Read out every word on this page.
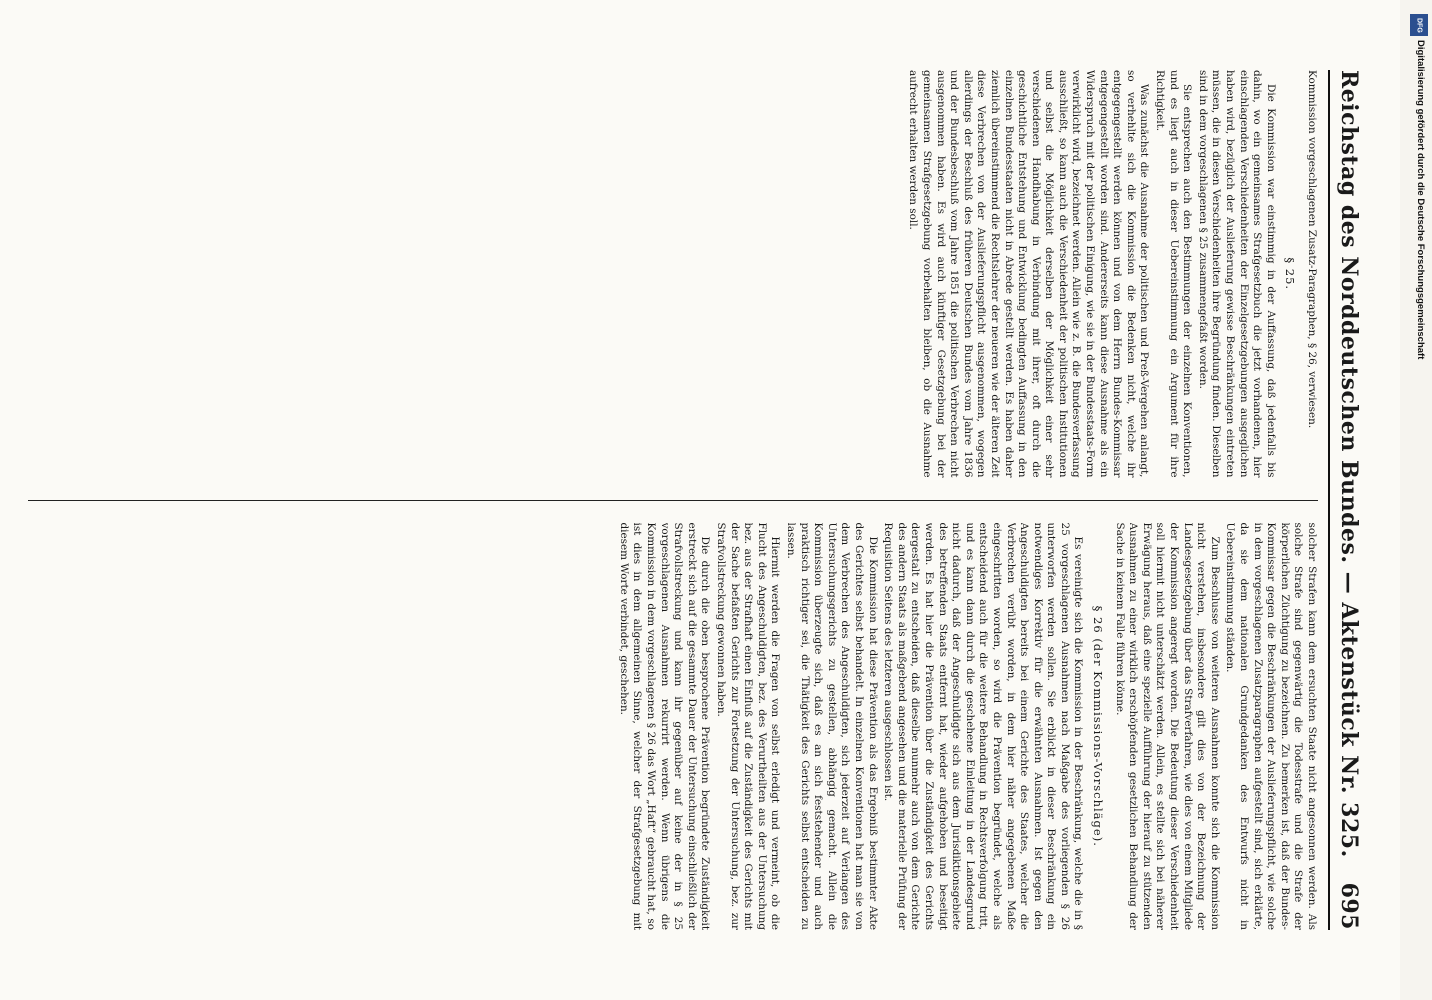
Reichstag des Norddeutschen Bundes. — Aktenstück Nr. 325.
695

Kommission vorgeschlagenen Zusatz-Paragraphen, § 26, verwiesen.

§ 25.

Die Kommission war einstimmig in der Auffassung, daß jedenfalls bis dahin, wo ein gemeinsames Strafgesetzbuch die jetzt vorhandenen, hier einschlagenden Verschiedenheiten der Einzelgesetzgebungen ausgeglichen haben wird, bezüglich der Auslieferung gewisse Beschränkungen eintreten müssen, die in diesen Verschiedenheiten ihre Begründung finden. Dieselben sind in dem vorgeschlagenen § 25 zusammengefaßt worden.

Sie entsprechen auch den Bestimmungen der einzelnen Konventionen, und es liegt auch in dieser Uebereinstimmung ein Argument für ihre Richtigkeit.

Was zunächst die Ausnahme der politischen und Preß-Vergehen anlangt, so verhehlte sich die Kommission die Bedenken nicht, welche ihr entgegengestellt werden können und von dem Herrn Bundes-Kommissar entgegengestellt worden sind. Andererseits kann diese Ausnahme als ein Widerspruch mit der politischen Einigung, wie sie in der Bundesstaats-Form verwirklicht wird, bezeichnet werden. Allein wie z. B. die Bundesverfassung ausschließt, so kann auch die Verschiedenheit der politischen Institutionen und selbst die Möglichkeit derselben der Möglichkeit einer sehr verschiedenen Handhabung in Verbindung mit ihrer, oft durch die geschichtliche Entstehung und Entwicklung bedingten Auffassung in den einzelnen Bundesstaaten nicht in Abrede gestellt werden. Es haben daher ziemlich übereinstimmend die Rechtslehrer der neueren wie der älteren Zeit diese Verbrechen von der Auslieferungspflicht ausgenommen, wogegen allerdings der Beschluß des früheren Deutschen Bundes vom Jahre 1836 und der Bundesbeschluß vom Jahre 1851 die politischen Verbrechen nicht ausgenommen haben. Es wird auch künftiger Gesetzgebung bei der gemeinsamen Strafgesetzgebung vorbehalten bleiben, ob die Ausnahme aufrecht erhalten werden soll.

solcher Strafen kann dem ersuchten Staate nicht angesonnen werden. Als solche Strafe sind gegenwärtig die Todesstrafe und die Strafe der körperlichen Züchtigung zu bezeichnen. Zu bemerken ist, daß der Bundes-Kommissar gegen die Beschränkungen der Auslieferungspflicht, wie solche in dem vorgeschlagenen Zusatzparagraphen aufgestellt sind, sich erklärte, da sie dem nationalen Grundgedanken des Entwurfs nicht in Uebereinstimmung ständen.

Zum Beschlusse von weiteren Ausnahmen konnte sich die Kommission nicht verstehen, insbesondere gilt dies von der Bezeichnung der Landesgesetzgebung über das Strafverfahren, wie dies von einem Mitgliede der Kommission angeregt worden. Die Bedeutung dieser Verschiedenheit soll hiermit nicht unterschätzt werden. Allein, es stellte sich bei näherer Erwägung heraus, daß eine spezielle Aufführung der hierauf zu stützenden Ausnahmen zu einer wirklich erschöpfenden gesetzlichen Behandlung der Sache in keinem Falle führen könne.

§ 26 (der Kommissions-Vorschläge).

Es vereinigte sich die Kommission in der Beschränkung, welche die in § 25 vorgeschlagenen Ausnahmen nach Maßgabe des vorliegenden § 26 unterworfen werden sollen. Sie erblickt in dieser Beschränkung ein notwendiges Korrektiv für die erwähnten Ausnahmen. Ist gegen den Angeschuldigten bereits bei einem Gerichte des Staates, welcher die Verbrechen verübt worden, in dem hier näher angegebenen Maße eingeschritten worden, so wird die Prävention begründet, welche als entscheidend auch für die weitere Behandlung in Rechtsverfolgung tritt, und es kann dann durch die geschehene Einleitung in der Landesgrund nicht dadurch, daß der Angeschuldigte sich aus dem Jurisdiktionsgebiete des betreffenden Staats entfernt hat, wieder aufgehoben und beseitigt werden. Es hat hier die Prävention über die Zuständigkeit des Gerichts dergestalt zu entscheiden, daß dieselbe nunmehr auch von dem Gerichte des andern Staats als maßgebend angesehen und die materielle Prüfung der Requisition Seitens des letzteren ausgeschlossen ist.

Die Kommission hat diese Prävention als das Ergebniß bestimmter Akte des Gerichtes selbst behandelt. In einzelnen Konventionen hat man sie von dem Verbrechen des Angeschuldigten, sich jederzeit auf Verlangen des Untersuchungsgerichts zu gestellen, abhängig gemacht. Allein die Kommission überzeugte sich, daß es an sich feststehender und auch praktisch richtiger sei, die Thätigkeit des Gerichts selbst entscheiden zu lassen.

Hiermit werden die Fragen von selbst erledigt und vermeint, ob die Flucht des Angeschuldigten, bez. des Verurtheilten aus der Untersuchung bez. aus der Strafhaft einen Einfluß auf die Zuständigkeit des Gerichts mit der Sache befaßten Gerichts zur Fortsetzung der Untersuchung, bez. zur Strafvollstreckung gewonnen haben.

Die durch die oben besprochene Prävention begründete Zuständigkeit erstreckt sich auf die gesammte Dauer der Untersuchung einschließlich der Strafvollstreckung und kann ihr gegenüber auf keine der in § 25 vorgeschlagenen Ausnahmen rekurrirt werden. Wenn übrigens die Kommission in dem vorgeschlagenen § 26 das Wort „Haft“ gebraucht hat, so ist dies in dem allgemeinen Sinne, welcher der Strafgesetzgebung mit diesem Worte verbindet, geschehen.

DFG
Digitalisierung gefördert durch die Deutsche Forschungsgemeinschaft
